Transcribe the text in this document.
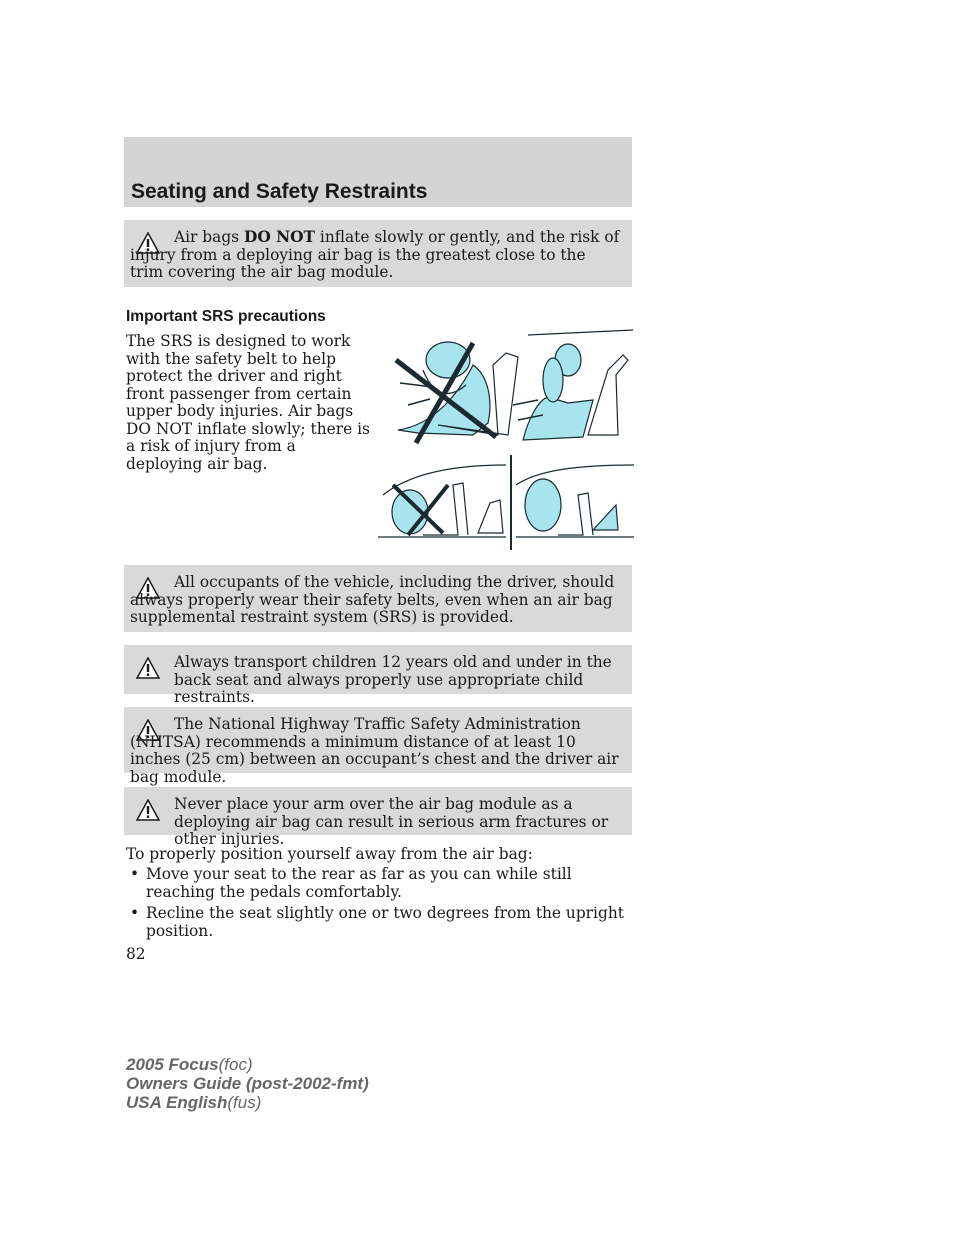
Seating and Safety Restraints

Air bags DO NOT inflate slowly or gently, and the risk of injury from a deploying air bag is the greatest close to the trim covering the air bag module.

Important SRS precautions

The SRS is designed to work with the safety belt to help protect the driver and right front passenger from certain upper body injuries. Air bags DO NOT inflate slowly; there is a risk of injury from a deploying air bag.

All occupants of the vehicle, including the driver, should always properly wear their safety belts, even when an air bag supplemental restraint system (SRS) is provided.

Always transport children 12 years old and under in the back seat and always properly use appropriate child restraints.

The National Highway Traffic Safety Administration (NHTSA) recommends a minimum distance of at least 10 inches (25 cm) between an occupant’s chest and the driver air bag module.

Never place your arm over the air bag module as a deploying air bag can result in serious arm fractures or other injuries.

To properly position yourself away from the air bag:

• Move your seat to the rear as far as you can while still reaching the pedals comfortably.
• Recline the seat slightly one or two degrees from the upright position.

82

2005 Focus(foc)
Owners Guide (post-2002-fmt)
USA English(fus)
